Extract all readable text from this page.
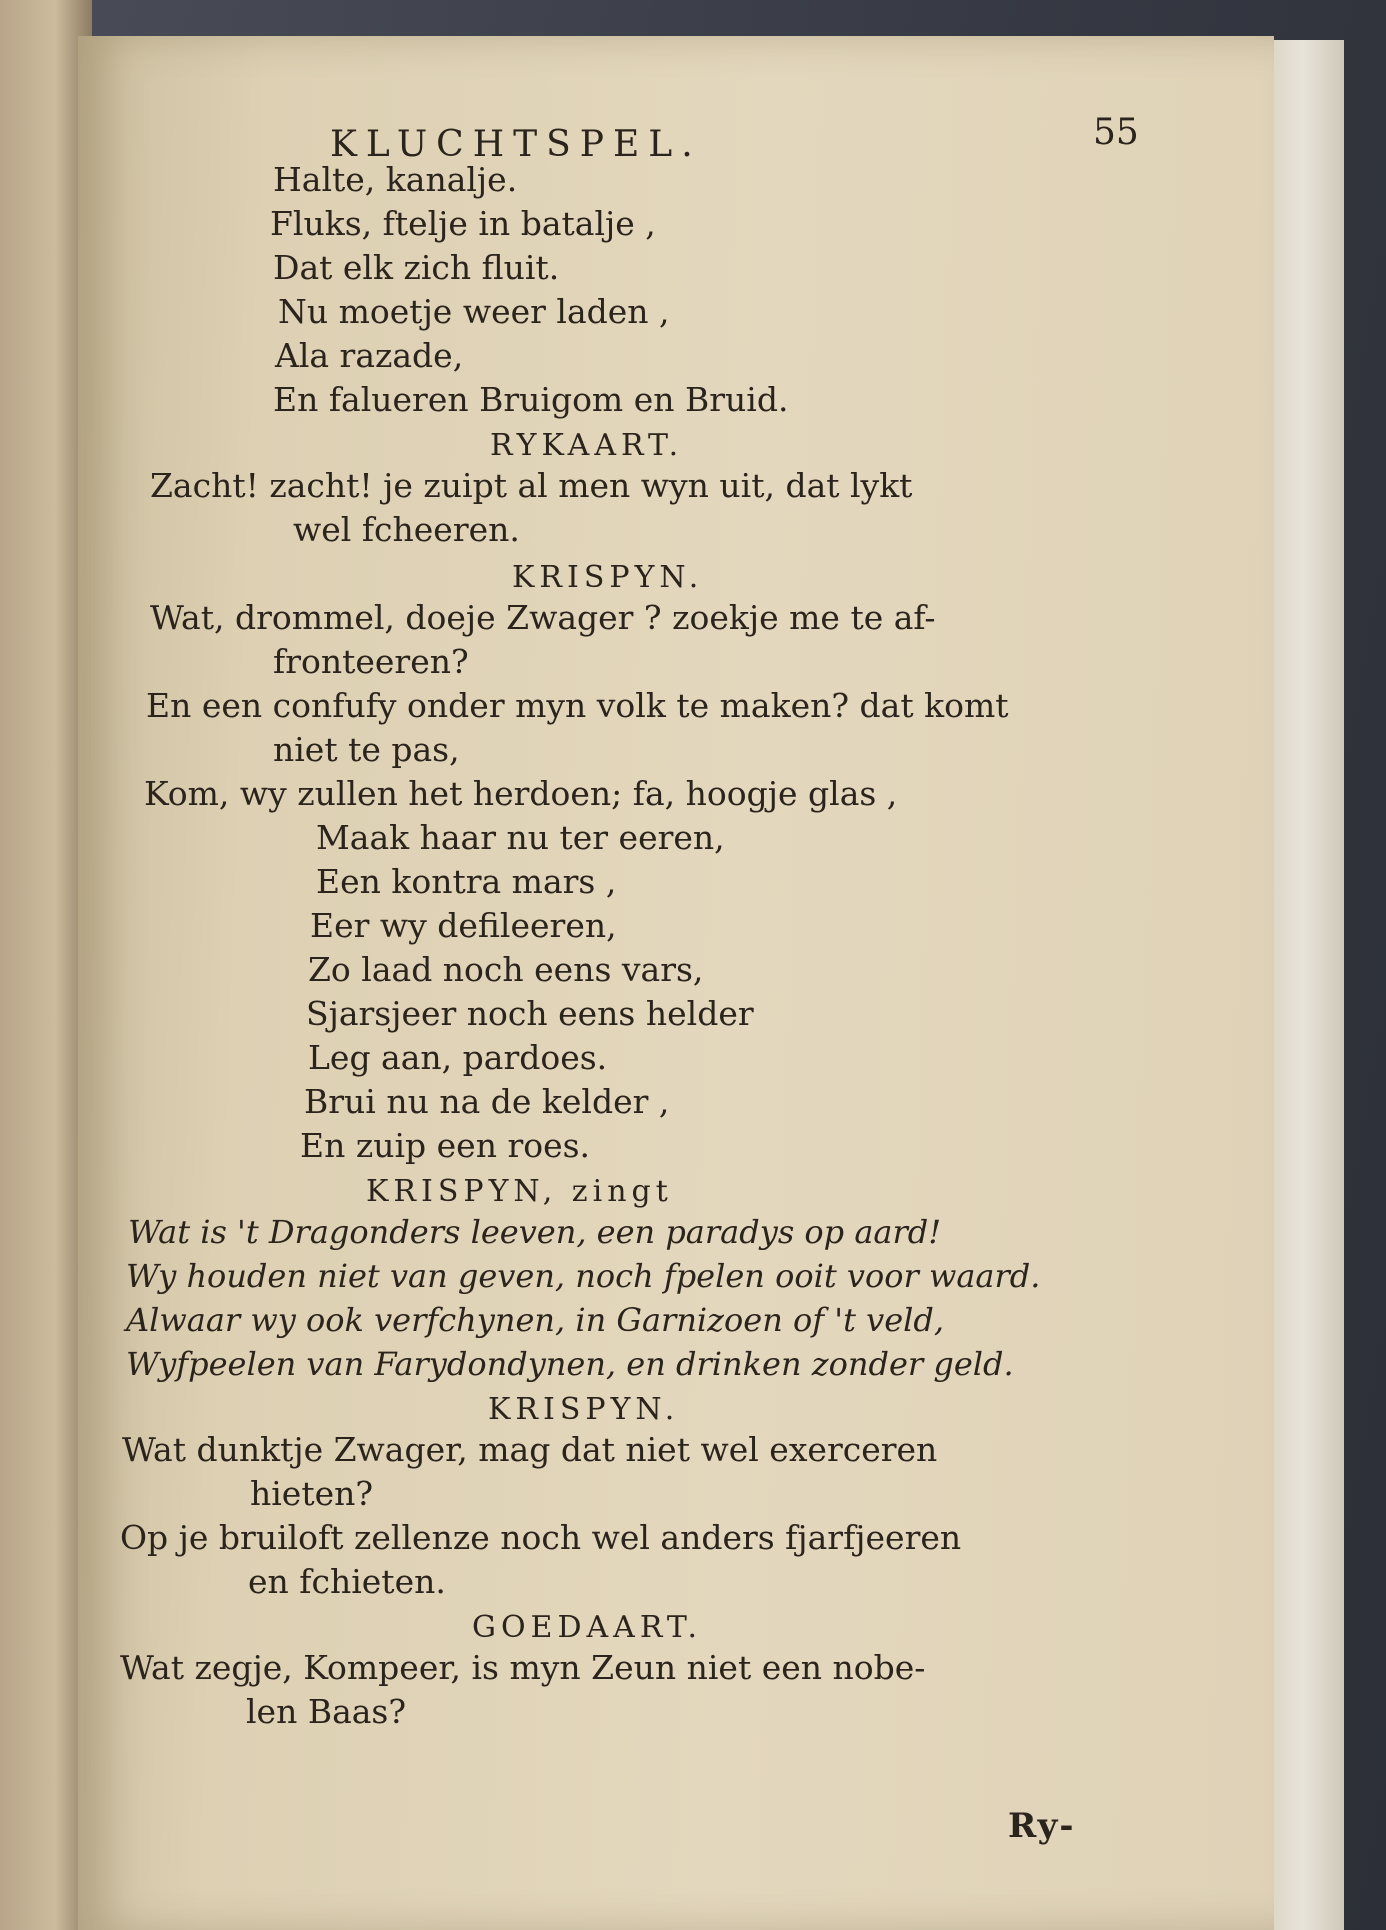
KLUCHTSPEL.	55
Halte, kanalje.
Fluks, ftelje in batalje ,
Dat elk zich fluit.
Nu moetje weer laden ,
Ala razade,
En falueren Bruigom en Bruid.
RYKAART.
Zacht! zacht! je zuipt al men wyn uit, dat lykt
wel fcheeren.
KRISPYN.
Wat, drommel, doejе Zwager ? zoekje me te af-
fronteeren?
En een confufy onder myn volk te maken? dat komt
niet te pas,
Kom, wy zullen het herdoen; fa, hoogje glas ,
Maak haar nu ter eeren,
Een kontra mars ,
Eer wy defileeren,
Zo laad noch eens vars,
Sjarsjeer noch eens helder
Leg aan, pardoes.
Brui nu na de kelder ,
En zuip een roes.
KRISPYN, zingt
Wat is 't Dragonders leeven, een paradys op aard!
Wy houden niet van geven, noch fpelen ooit voor waard.
Alwaar wy ook verfchynen, in Garnizoen of 't veld,
Wyfpeelen van Farydondynen, en drinken zonder geld.
KRISPYN.
Wat dunktje Zwager, mag dat niet wel exerceren
hieten?
Op je bruiloft zellenze noch wel anders fjarfjeeren
en fchieten.
GOEDAART.
Wat zegje, Kompeer, is myn Zeun niet een nobe-
len Baas?
Ry-
